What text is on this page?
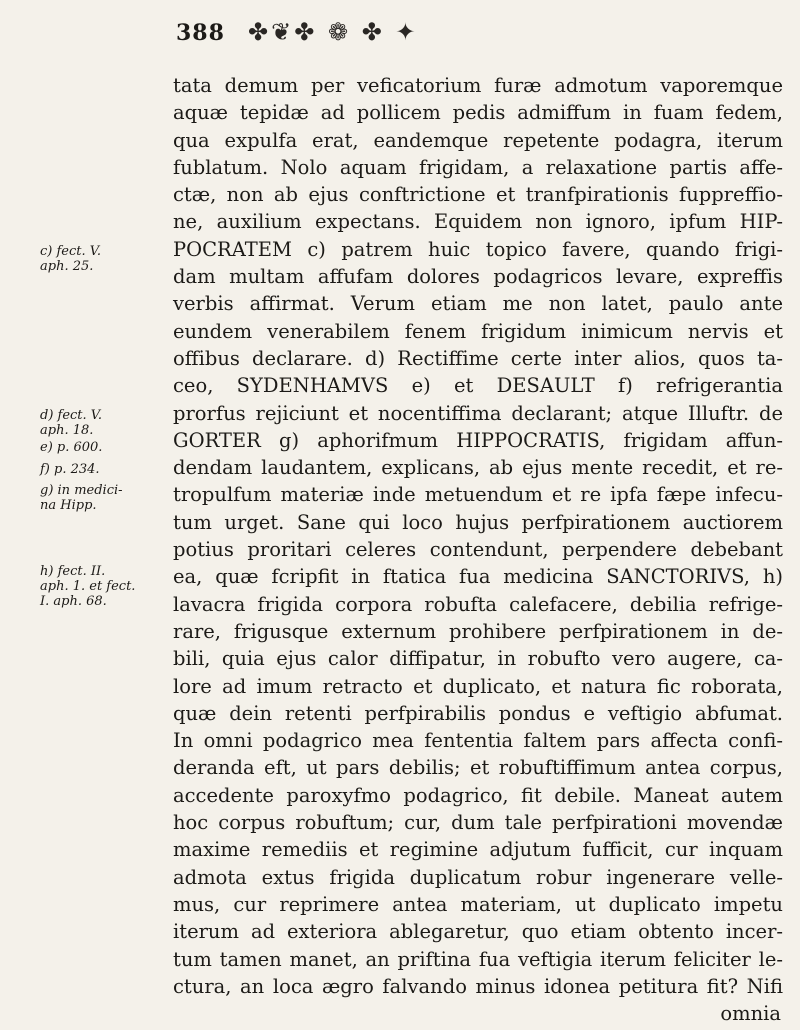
388 ✤❦✤ ❁ ✤ ✦
c) fect. V.
aph. 25.
d) fect. V.
aph. 18.
e) p. 600.
f) p. 234.
g) in medici-
na Hipp.
h) fect. II.
aph. 1. et fect.
I. aph. 68.
tata demum per veficatorium furæ admotum vaporemque
aquæ tepidæ ad pollicem pedis admiffum in fuam fedem,
qua expulfa erat, eandemque repetente podagra, iterum
fublatum. Nolo aquam frigidam, a relaxatione partis affe-
ctæ, non ab ejus conftrictione et tranfpirationis fuppreffio-
ne, auxilium expectans. Equidem non ignoro, ipfum HIP-
POCRATEM c) patrem huic topico favere, quando frigi-
dam multam affufam dolores podagricos levare, expreffis
verbis affirmat. Verum etiam me non latet, paulo ante
eundem venerabilem fenem frigidum inimicum nervis et
offibus declarare. d) Rectiffime certe inter alios, quos ta-
ceo, SYDENHAMVS e) et DESAULT f) refrigerantia
prorfus rejiciunt et nocentiffima declarant; atque Illuftr. de
GORTER g) aphorifmum HIPPOCRATIS, frigidam affun-
dendam laudantem, explicans, ab ejus mente recedit, et re-
tropulfum materiæ inde metuendum et re ipfa fæpe infecu-
tum urget. Sane qui loco hujus perfpirationem auctiorem
potius proritari celeres contendunt, perpendere debebant
ea, quæ fcripfit in ftatica fua medicina SANCTORIVS, h)
lavacra frigida corpora robufta calefacere, debilia refrige-
rare, frigusque externum prohibere perfpirationem in de-
bili, quia ejus calor diffipatur, in robufto vero augere, ca-
lore ad imum retracto et duplicato, et natura fic roborata,
quæ dein retenti perfpirabilis pondus e veftigio abfumat.
In omni podagrico mea fententia faltem pars affecta confi-
deranda eft, ut pars debilis; et robuftiffimum antea corpus,
accedente paroxyfmo podagrico, fit debile. Maneat autem
hoc corpus robuftum; cur, dum tale perfpirationi movendæ
maxime remediis et regimine adjutum fufficit, cur inquam
admota extus frigida duplicatum robur ingenerare velle-
mus, cur reprimere antea materiam, ut duplicato impetu
iterum ad exteriora ablegaretur, quo etiam obtento incer-
tum tamen manet, an priftina fua veftigia iterum feliciter le-
ctura, an loca ægro falvando minus idonea petitura fit? Nifi
omnia
